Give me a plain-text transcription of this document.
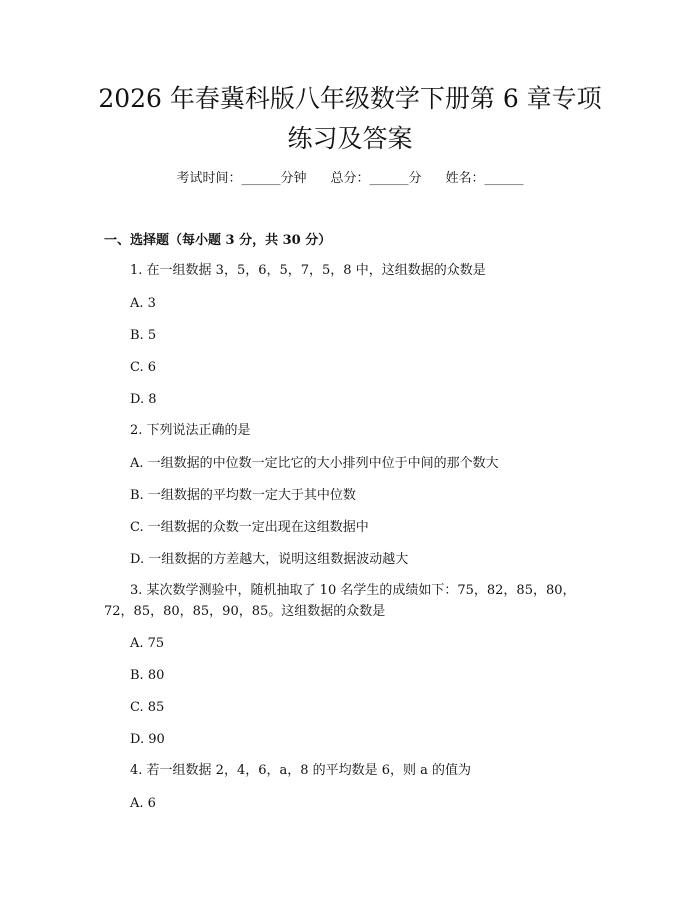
2026 年春冀科版八年级数学下册第 6 章专项
练习及答案
考试时间：______分钟 总分：______分 姓名：______
一、选择题（每小题 3 分，共 30 分）
1. 在一组数据 3，5，6，5，7，5，8 中，这组数据的众数是
A. 3
B. 5
C. 6
D. 8
2. 下列说法正确的是
A. 一组数据的中位数一定比它的大小排列中位于中间的那个数大
B. 一组数据的平均数一定大于其中位数
C. 一组数据的众数一定出现在这组数据中
D. 一组数据的方差越大，说明这组数据波动越大
3. 某次数学测验中，随机抽取了 10 名学生的成绩如下：75，82，85，80，
72，85，80，85，90，85。这组数据的众数是
A. 75
B. 80
C. 85
D. 90
4. 若一组数据 2，4，6，a，8 的平均数是 6，则 a 的值为
A. 6
